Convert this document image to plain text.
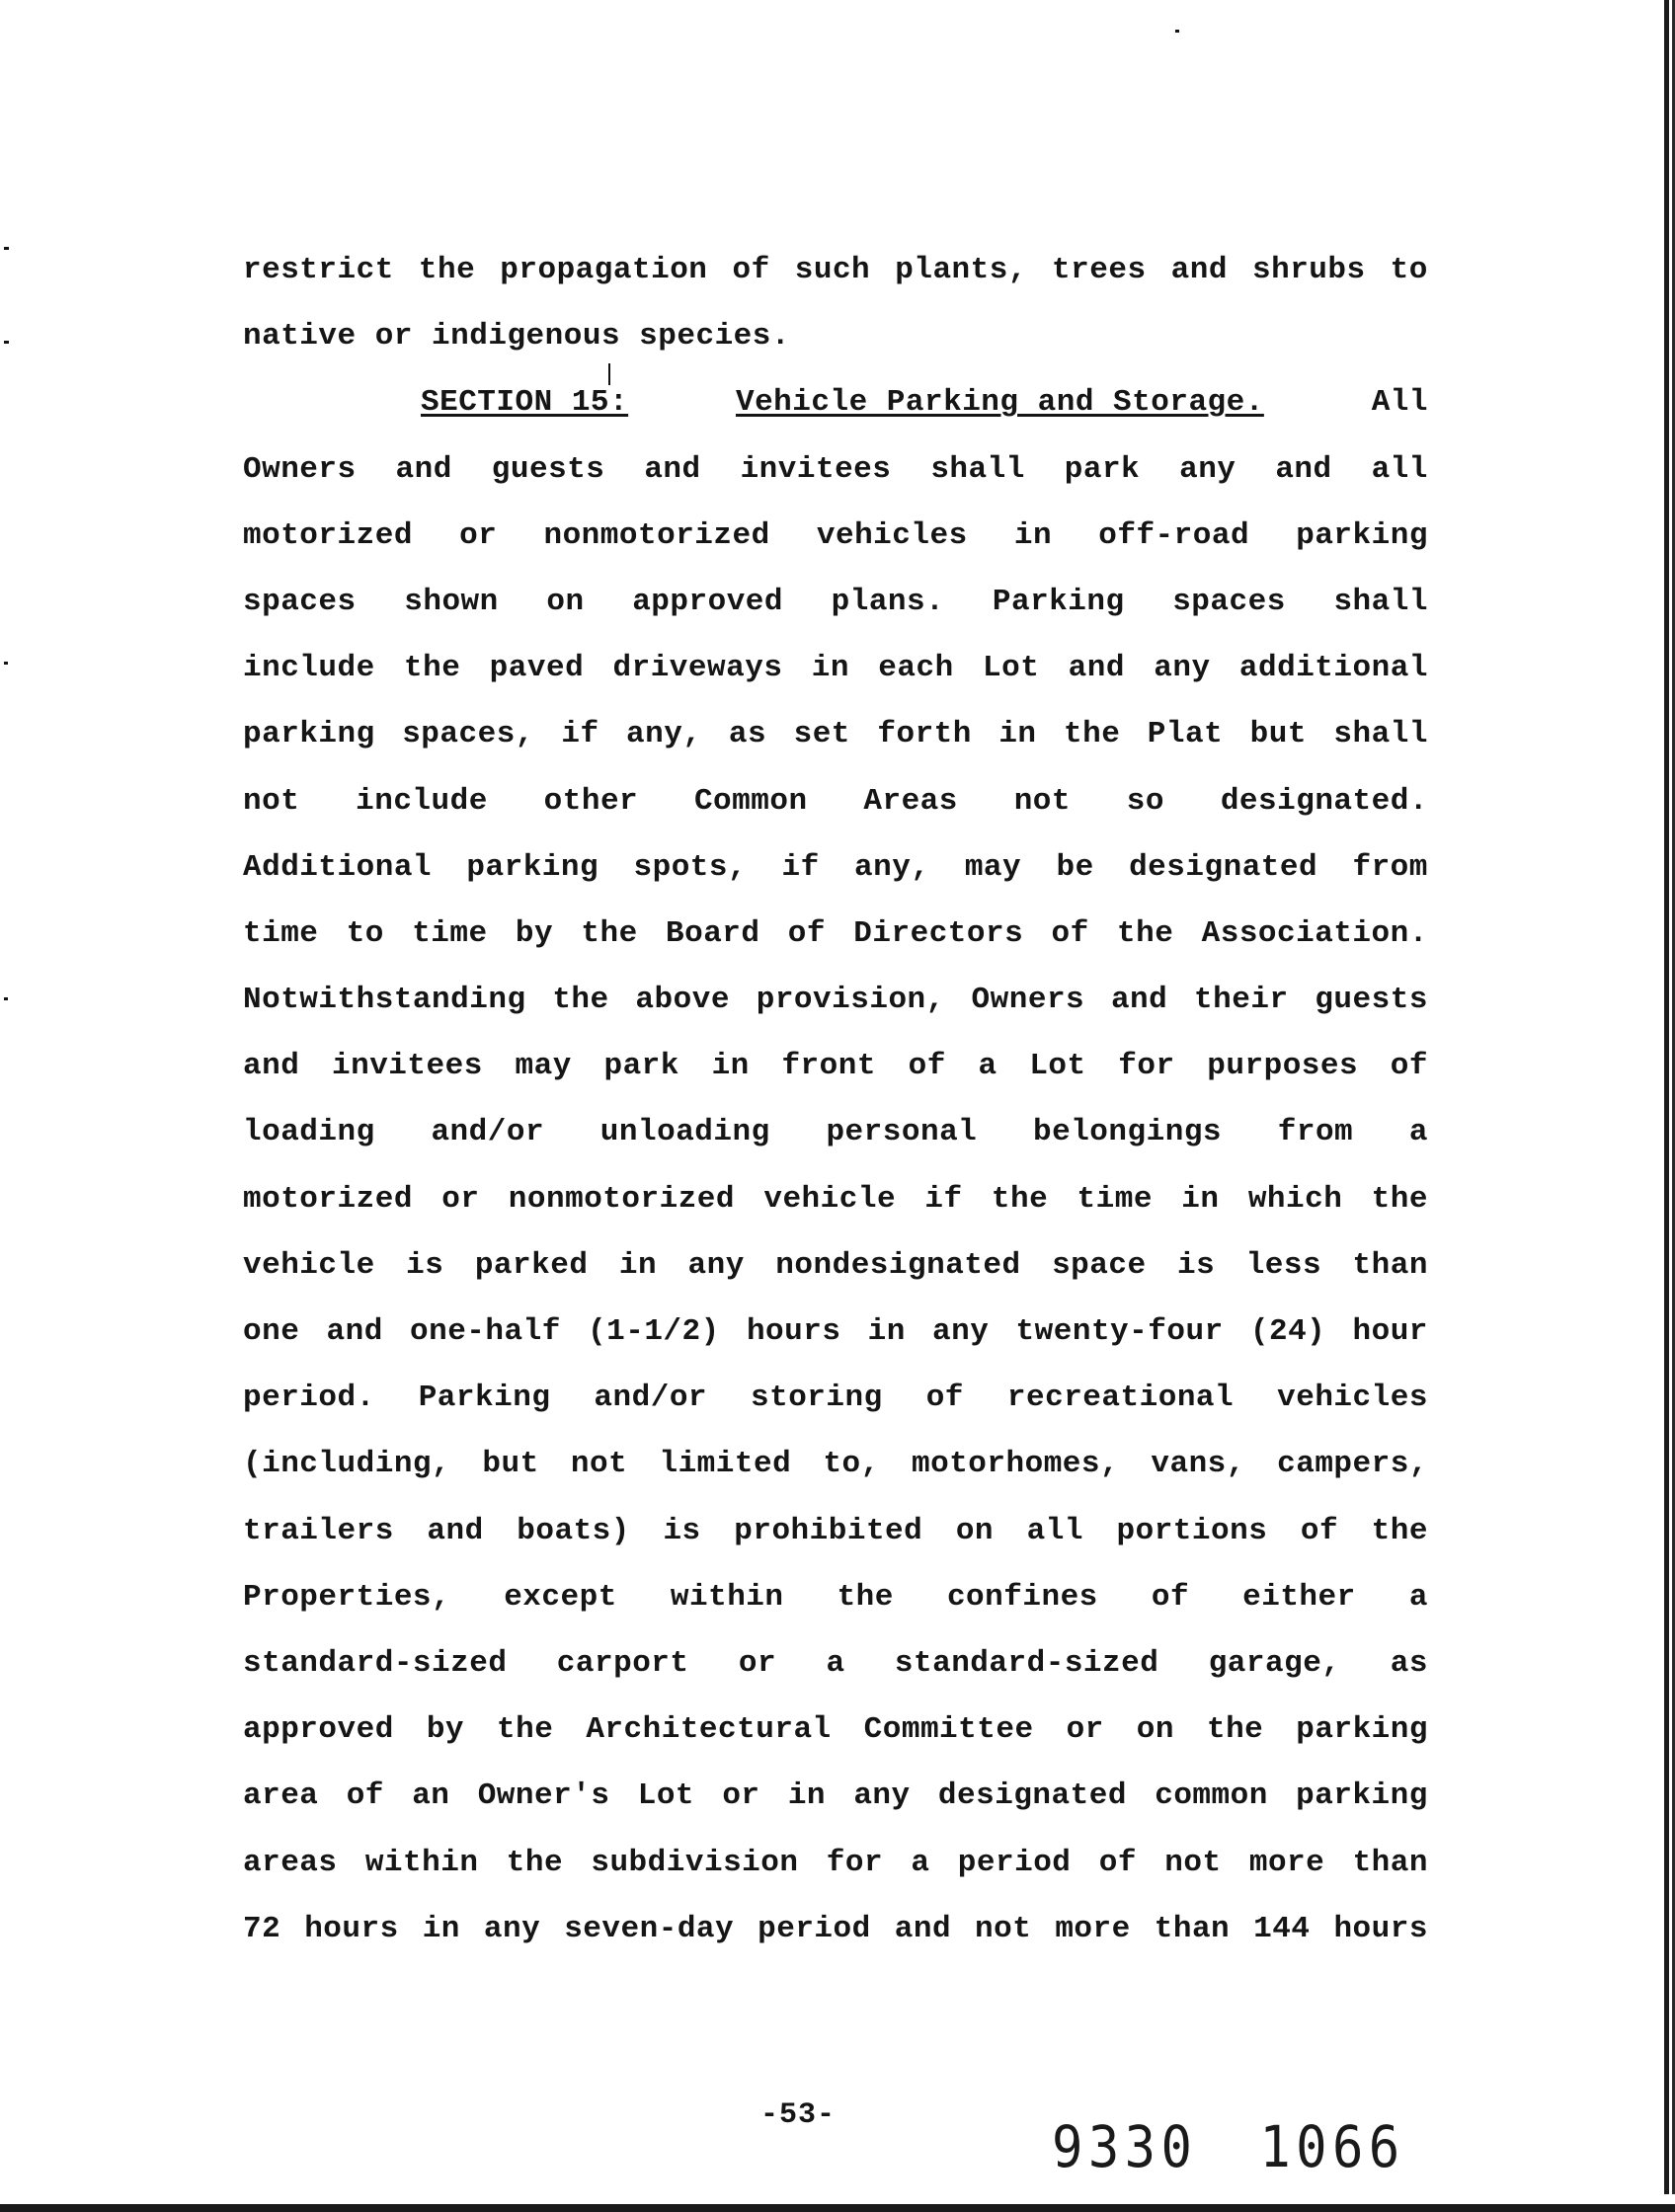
restrict the propagation of such plants, trees and shrubs to
native or indigenous species.
SECTION 15:	Vehicle Parking and Storage.	All
Owners and guests and invitees shall park any and all
motorized or nonmotorized vehicles in off-road parking
spaces shown on approved plans. Parking spaces shall
include the paved driveways in each Lot and any additional
parking spaces, if any, as set forth in the Plat but shall
not include other Common Areas not so designated.
Additional parking spots, if any, may be designated from
time to time by the Board of Directors of the Association.
Notwithstanding the above provision, Owners and their guests
and invitees may park in front of a Lot for purposes of
loading and/or unloading personal belongings from a
motorized or nonmotorized vehicle if the time in which the
vehicle is parked in any nondesignated space is less than
one and one-half (1-1/2) hours in any twenty-four (24) hour
period. Parking and/or storing of recreational vehicles
(including, but not limited to, motorhomes, vans, campers,
trailers and boats) is prohibited on all portions of the
Properties, except within the confines of either a
standard-sized carport or a standard-sized garage, as
approved by the Architectural Committee or on the parking
area of an Owner's Lot or in any designated common parking
areas within the subdivision for a period of not more than
72 hours in any seven-day period and not more than 144 hours
-53-	9330 1066
